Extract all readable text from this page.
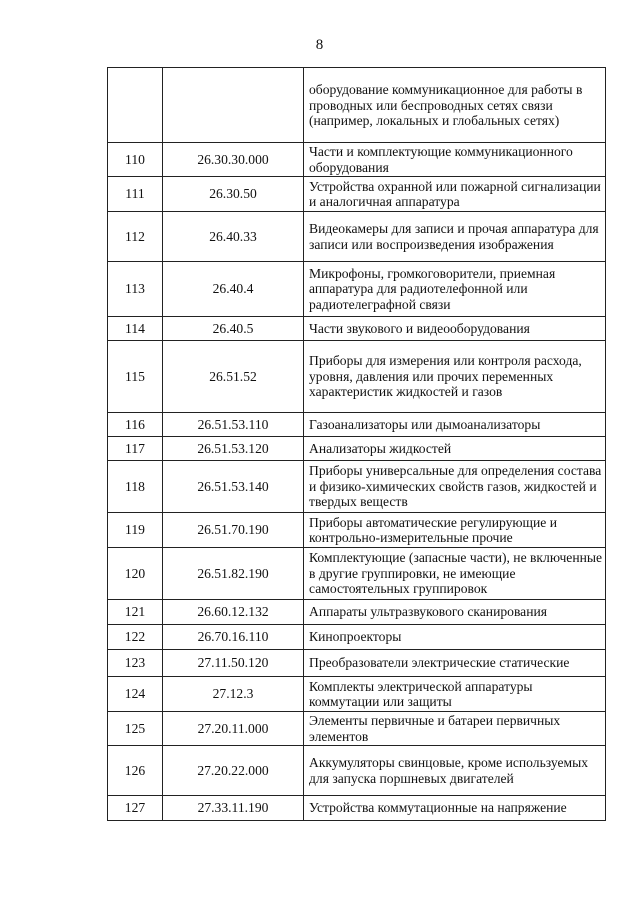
8
		оборудование коммуникационное для работы в проводных или беспроводных сетях связи (например, локальных и глобальных сетях)
110	26.30.30.000	Части и комплектующие коммуникационного оборудования
111	26.30.50	Устройства охранной или пожарной сигнализации и аналогичная аппаратура
112	26.40.33	Видеокамеры для записи и прочая аппаратура для записи или воспроизведения изображения
113	26.40.4	Микрофоны, громкоговорители, приемная аппаратура для радиотелефонной или радиотелеграфной связи
114	26.40.5	Части звукового и видеооборудования
115	26.51.52	Приборы для измерения или контроля расхода, уровня, давления или прочих переменных характеристик жидкостей и газов
116	26.51.53.110	Газоанализаторы или дымоанализаторы
117	26.51.53.120	Анализаторы жидкостей
118	26.51.53.140	Приборы универсальные для определения состава и физико-химических свойств газов, жидкостей и твердых веществ
119	26.51.70.190	Приборы автоматические регулирующие и контрольно-измерительные прочие
120	26.51.82.190	Комплектующие (запасные части), не включенные в другие группировки, не имеющие самостоятельных группировок
121	26.60.12.132	Аппараты ультразвукового сканирования
122	26.70.16.110	Кинопроекторы
123	27.11.50.120	Преобразователи электрические статические
124	27.12.3	Комплекты электрической аппаратуры коммутации или защиты
125	27.20.11.000	Элементы первичные и батареи первичных элементов
126	27.20.22.000	Аккумуляторы свинцовые, кроме используемых для запуска поршневых двигателей
127	27.33.11.190	Устройства коммутационные на напряжение
